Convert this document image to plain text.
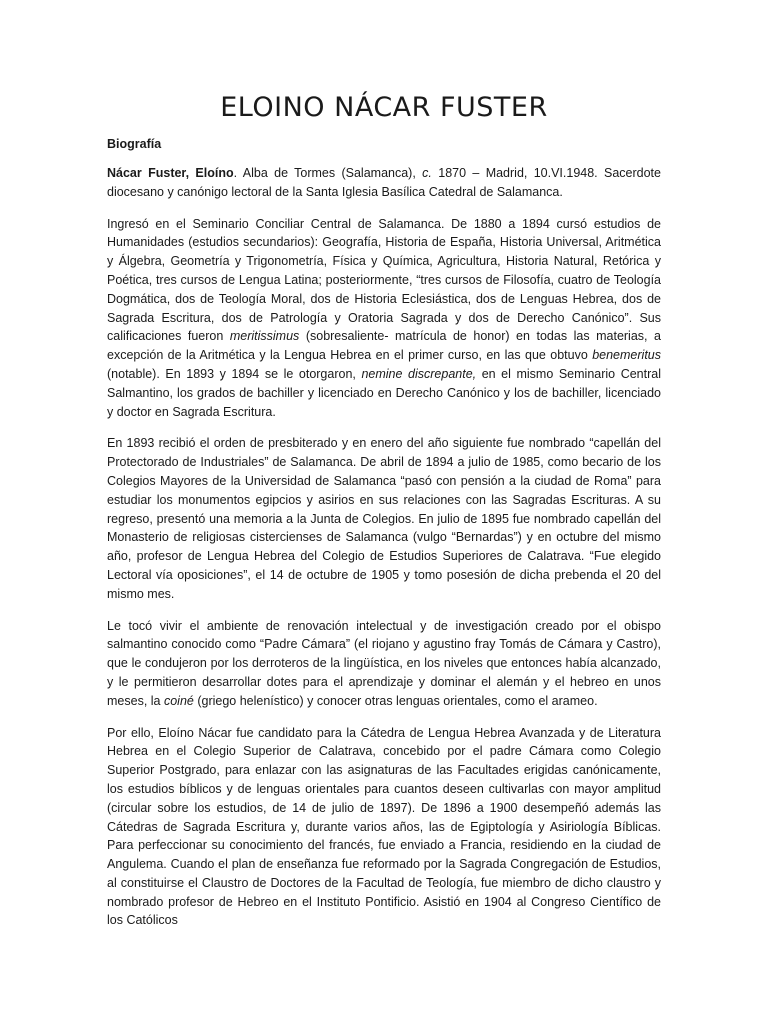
ELOINO NÁCAR FUSTER
Biografía

Nácar Fuster, Eloíno. Alba de Tormes (Salamanca), c. 1870 – Madrid, 10.VI.1948. Sacerdote diocesano y canónigo lectoral de la Santa Iglesia Basílica Catedral de Salamanca.

Ingresó en el Seminario Conciliar Central de Salamanca. De 1880 a 1894 cursó estudios de Humanidades (estudios secundarios): Geografía, Historia de España, Historia Universal, Aritmética y Álgebra, Geometría y Trigonometría, Física y Química, Agricultura, Historia Natural, Retórica y Poética, tres cursos de Lengua Latina; posteriormente, “tres cursos de Filosofía, cuatro de Teología Dogmática, dos de Teología Moral, dos de Historia Eclesiástica, dos de Lenguas Hebrea, dos de Sagrada Escritura, dos de Patrología y Oratoria Sagrada y dos de Derecho Canónico”. Sus calificaciones fueron meritissimus (sobresaliente- matrícula de honor) en todas las materias, a excepción de la Aritmética y la Lengua Hebrea en el primer curso, en las que obtuvo benemeritus (notable). En 1893 y 1894 se le otorgaron, nemine discrepante, en el mismo Seminario Central Salmantino, los grados de bachiller y licenciado en Derecho Canónico y los de bachiller, licenciado y doctor en Sagrada Escritura.

En 1893 recibió el orden de presbiterado y en enero del año siguiente fue nombrado “capellán del Protectorado de Industriales” de Salamanca. De abril de 1894 a julio de 1985, como becario de los Colegios Mayores de la Universidad de Salamanca “pasó con pensión a la ciudad de Roma” para estudiar los monumentos egipcios y asirios en sus relaciones con las Sagradas Escrituras. A su regreso, presentó una memoria a la Junta de Colegios. En julio de 1895 fue nombrado capellán del Monasterio de religiosas cistercienses de Salamanca (vulgo “Bernardas”) y en octubre del mismo año, profesor de Lengua Hebrea del Colegio de Estudios Superiores de Calatrava. “Fue elegido Lectoral vía oposiciones”, el 14 de octubre de 1905 y tomo posesión de dicha prebenda el 20 del mismo mes.

Le tocó vivir el ambiente de renovación intelectual y de investigación creado por el obispo salmantino conocido como “Padre Cámara” (el riojano y agustino fray Tomás de Cámara y Castro), que le condujeron por los derroteros de la lingüística, en los niveles que entonces había alcanzado, y le permitieron desarrollar dotes para el aprendizaje y dominar el alemán y el hebreo en unos meses, la coiné (griego helenístico) y conocer otras lenguas orientales, como el arameo.

Por ello, Eloíno Nácar fue candidato para la Cátedra de Lengua Hebrea Avanzada y de Literatura Hebrea en el Colegio Superior de Calatrava, concebido por el padre Cámara como Colegio Superior Postgrado, para enlazar con las asignaturas de las Facultades erigidas canónicamente, los estudios bíblicos y de lenguas orientales para cuantos deseen cultivarlas con mayor amplitud (circular sobre los estudios, de 14 de julio de 1897). De 1896 a 1900 desempeñó además las Cátedras de Sagrada Escritura y, durante varios años, las de Egiptología y Asiriología Bíblicas. Para perfeccionar su conocimiento del francés, fue enviado a Francia, residiendo en la ciudad de Angulema. Cuando el plan de enseñanza fue reformado por la Sagrada Congregación de Estudios, al constituirse el Claustro de Doctores de la Facultad de Teología, fue miembro de dicho claustro y nombrado profesor de Hebreo en el Instituto Pontificio. Asistió en 1904 al Congreso Científico de los Católicos
